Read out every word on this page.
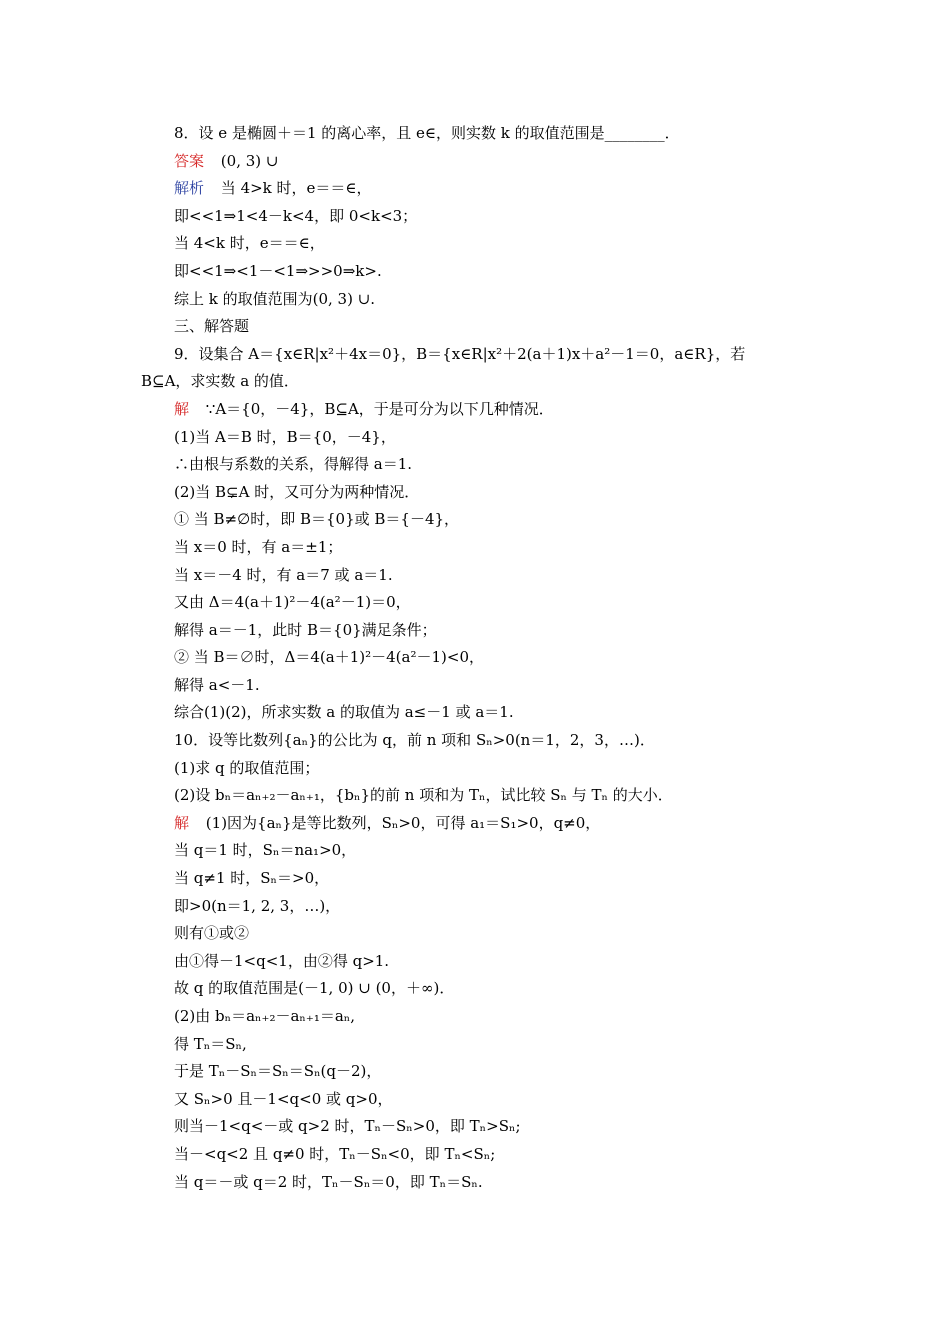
8．设 e 是椭圆＋＝1 的离心率，且 e∈，则实数 k 的取值范围是________．
答案 (0, 3) ∪
解析 当 4>k 时，e＝＝∈，
即<<1⇒1<4－k<4，即 0<k<3；
当 4<k 时，e＝＝∈，
即<<1⇒<1－<1⇒>>0⇒k>.
综上 k 的取值范围为(0, 3) ∪.
三、解答题
9．设集合 A＝{x∈R|x²＋4x＝0}，B＝{x∈R|x²＋2(a＋1)x＋a²－1＝0，a∈R}，若
B⊆A，求实数 a 的值．
解 ∵A＝{0，－4}，B⊆A，于是可分为以下几种情况．
(1)当 A＝B 时，B＝{0，－4}，
∴由根与系数的关系，得解得 a＝1.
(2)当 B⊊A 时，又可分为两种情况．
① 当 B≠∅时，即 B＝{0}或 B＝{－4}，
当 x＝0 时，有 a＝±1；
当 x＝－4 时，有 a＝7 或 a＝1.
又由 Δ＝4(a＋1)²－4(a²－1)＝0，
解得 a＝－1，此时 B＝{0}满足条件；
② 当 B＝∅时，Δ＝4(a＋1)²－4(a²－1)<0，
解得 a<－1.
综合(1)(2)，所求实数 a 的取值为 a≤－1 或 a＝1.
10．设等比数列{aₙ}的公比为 q，前 n 项和 Sₙ>0(n＝1，2，3，…)．
(1)求 q 的取值范围；
(2)设 bₙ＝aₙ₊₂－aₙ₊₁，{bₙ}的前 n 项和为 Tₙ，试比较 Sₙ 与 Tₙ 的大小．
解 (1)因为{aₙ}是等比数列，Sₙ>0，可得 a₁＝S₁>0，q≠0，
当 q＝1 时，Sₙ＝na₁>0，
当 q≠1 时，Sₙ＝>0，
即>0(n＝1, 2, 3，…)，
则有①或②
由①得－1<q<1，由②得 q>1.
故 q 的取值范围是(－1, 0) ∪ (0，＋∞)．
(2)由 bₙ＝aₙ₊₂－aₙ₊₁＝aₙ,
得 Tₙ＝Sₙ,
于是 Tₙ－Sₙ＝Sₙ＝Sₙ(q－2)，
又 Sₙ>0 且－1<q<0 或 q>0，
则当－1<q<－或 q>2 时，Tₙ－Sₙ>0，即 Tₙ>Sₙ;
当－<q<2 且 q≠0 时，Tₙ－Sₙ<0，即 Tₙ<Sₙ;
当 q＝－或 q＝2 时，Tₙ－Sₙ＝0，即 Tₙ＝Sₙ.
